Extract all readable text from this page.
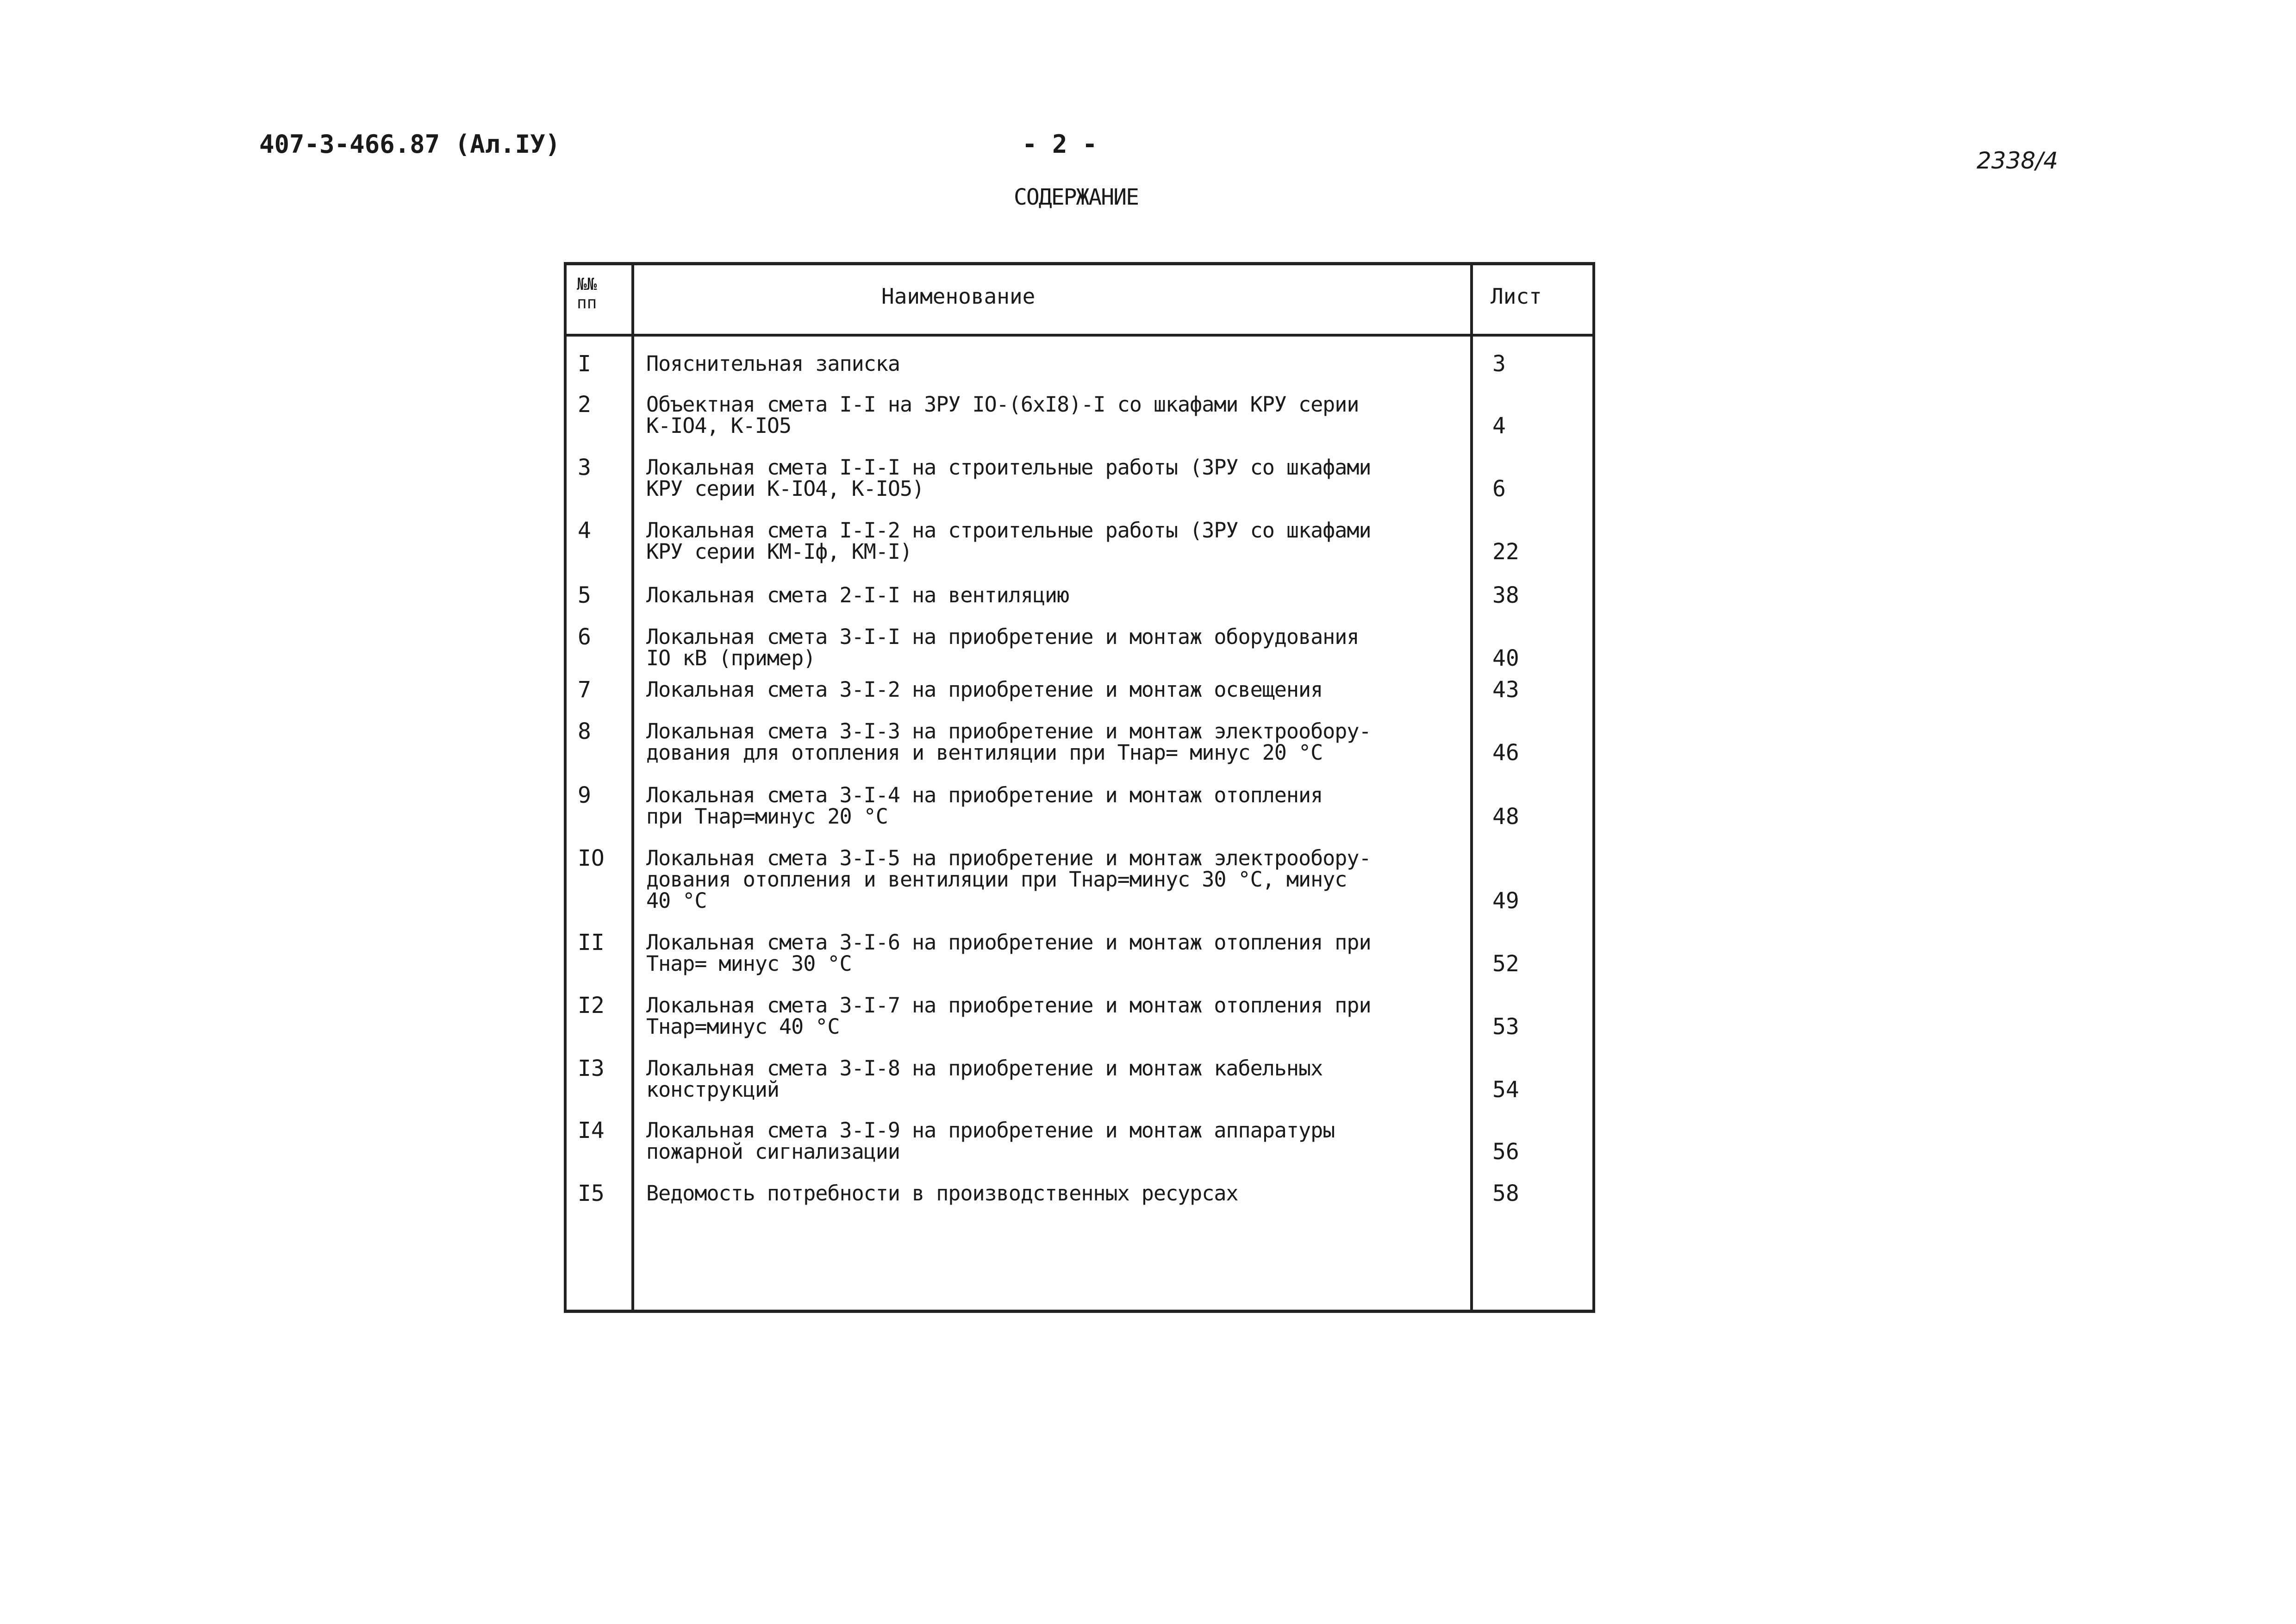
407-3-466.87 (Ал.IУ)	- 2 -
2338/4
СОДЕРЖАНИЕ
№№ пп	Наименование	Лист
I	Пояснительная записка	3
2	Объектная смета I-I на ЗРУ IO-(6xI8)-I со шкафами КРУ серии
К-IO4, К-IO5	4
3	Локальная смета I-I-I на строительные работы (ЗРУ со шкафами
КРУ серии К-IO4, К-IO5)	6
4	Локальная смета I-I-2 на строительные работы (ЗРУ со шкафами
КРУ серии КМ-Iф, КМ-I)	22
5	Локальная смета 2-I-I на вентиляцию	38
6	Локальная смета 3-I-I на приобретение и монтаж оборудования
IO кВ (пример)	40
7	Локальная смета 3-I-2 на приобретение и монтаж освещения	43
8	Локальная смета 3-I-3 на приобретение и монтаж электрообору-
дования для отопления и вентиляции при Тнар= минус 20 °С	46
9	Локальная смета 3-I-4 на приобретение и монтаж отопления
при Тнар=минус 20 °С	48
IO Локальная смета 3-I-5 на приобретение и монтаж электрообору-
дования отопления и вентиляции при Тнар=минус 30 °С, минус
40 °С	49
II Локальная смета 3-I-6 на приобретение и монтаж отопления при
Тнар= минус 30 °С	52
I2 Локальная смета 3-I-7 на приобретение и монтаж отопления при
Тнар=минус 40 °С	53
I3 Локальная смета 3-I-8 на приобретение и монтаж кабельных
конструкций	54
I4 Локальная смета 3-I-9 на приобретение и монтаж аппаратуры
пожарной сигнализации	56
I5 Ведомость потребности в производственных ресурсах	58
